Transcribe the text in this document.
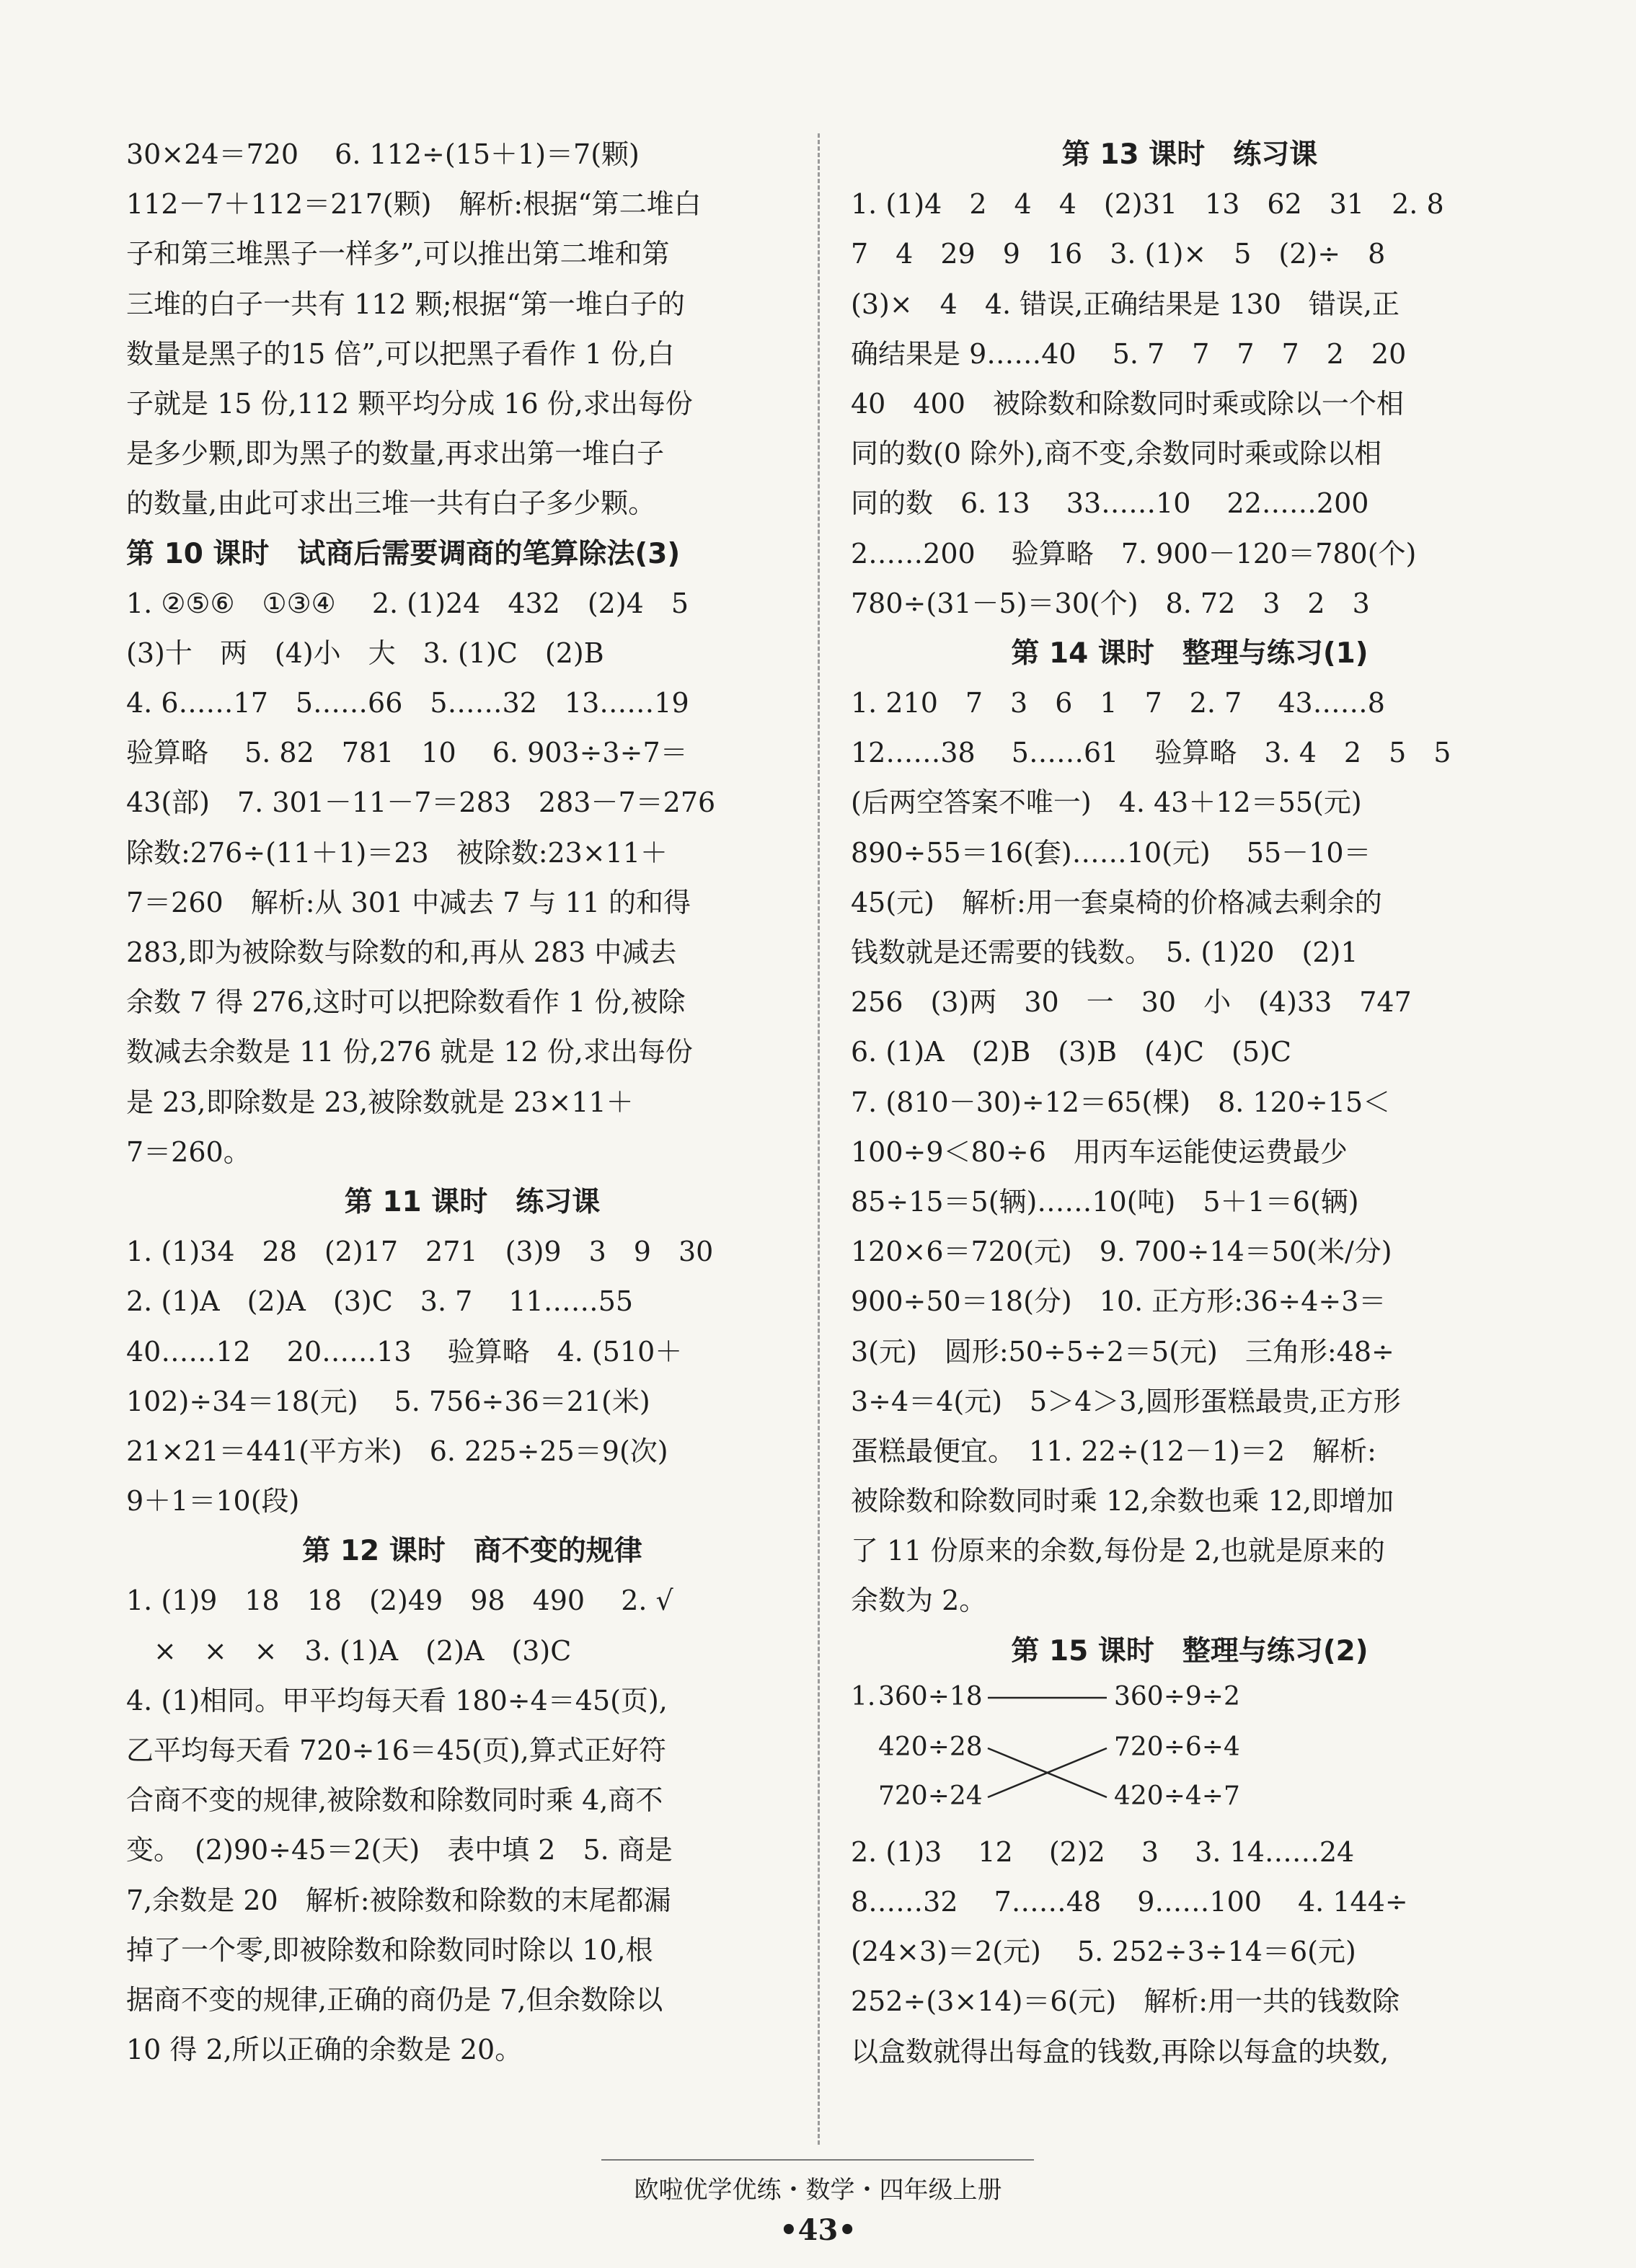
30×24＝720　 6. 112÷(15＋1)＝7(颗)
112－7＋112＝217(颗)　解析:根据“第二堆白
子和第三堆黑子一样多”,可以推出第二堆和第
三堆的白子一共有 112 颗;根据“第一堆白子的
数量是黑子的15 倍”,可以把黑子看作 1 份,白
子就是 15 份,112 颗平均分成 16 份,求出每份
是多少颗,即为黑子的数量,再求出第一堆白子
的数量,由此可求出三堆一共有白子多少颗。
第 10 课时　试商后需要调商的笔算除法(3)
1. ②⑤⑥　①③④　 2. (1)24　432　(2)4　5
(3)十　两　(4)小　大　3. (1)C　(2)B
4. 6……17　5……66　5……32　13……19
验算略　 5. 82　781　10　 6. 903÷3÷7＝
43(部)　7. 301－11－7＝283　283－7＝276
除数:276÷(11＋1)＝23　被除数:23×11＋
7＝260　解析:从 301 中减去 7 与 11 的和得
283,即为被除数与除数的和,再从 283 中减去
余数 7 得 276,这时可以把除数看作 1 份,被除
数减去余数是 11 份,276 就是 12 份,求出每份
是 23,即除数是 23,被除数就是 23×11＋
7＝260。
第 11 课时　练习课
1. (1)34　28　(2)17　271　(3)9　3　9　30
2. (1)A　(2)A　(3)C　3. 7　 11……55
40……12　 20……13　 验算略　4. (510＋
102)÷34＝18(元)　 5. 756÷36＝21(米)
21×21＝441(平方米)　6. 225÷25＝9(次)
9＋1＝10(段)
第 12 课时　商不变的规律
1. (1)9　18　18　(2)49　98　490　 2. √
　×　×　×　3. (1)A　(2)A　(3)C
4. (1)相同。甲平均每天看 180÷4＝45(页),
乙平均每天看 720÷16＝45(页),算式正好符
合商不变的规律,被除数和除数同时乘 4,商不
变。　(2)90÷45＝2(天)　表中填 2　5. 商是
7,余数是 20　解析:被除数和除数的末尾都漏
掉了一个零,即被除数和除数同时除以 10,根
据商不变的规律,正确的商仍是 7,但余数除以
10 得 2,所以正确的余数是 20。
第 13 课时　练习课
1. (1)4　2　4　4　(2)31　13　62　31　2. 8
7　4　29　9　16　3. (1)×　5　(2)÷　8
(3)×　4　4. 错误,正确结果是 130　错误,正
确结果是 9……40　 5. 7　7　7　7　2　20
40　400　被除数和除数同时乘或除以一个相
同的数(0 除外),商不变,余数同时乘或除以相
同的数　6. 13　 33……10　 22……200
2……200　 验算略　7. 900－120＝780(个)
780÷(31－5)＝30(个)　8. 72　3　2　3
第 14 课时　整理与练习(1)
1. 210　7　3　6　1　7　2. 7　 43……8
12……38　 5……61　 验算略　3. 4　2　5　5
(后两空答案不唯一)　4. 43＋12＝55(元)
890÷55＝16(套)……10(元)　 55－10＝
45(元)　解析:用一套桌椅的价格减去剩余的
钱数就是还需要的钱数。　5. (1)20　(2)1
256　(3)两　30　一　30　小　(4)33　747
6. (1)A　(2)B　(3)B　(4)C　(5)C
7. (810－30)÷12＝65(棵)　8. 120÷15＜
100÷9＜80÷6　用丙车运能使运费最少
85÷15＝5(辆)……10(吨)　5＋1＝6(辆)
120×6＝720(元)　9. 700÷14＝50(米/分)
900÷50＝18(分)　10. 正方形:36÷4÷3＝
3(元)　圆形:50÷5÷2＝5(元)　三角形:48÷
3÷4＝4(元)　5＞4＞3,圆形蛋糕最贵,正方形
蛋糕最便宜。　11. 22÷(12－1)＝2　解析:
被除数和除数同时乘 12,余数也乘 12,即增加
了 11 份原来的余数,每份是 2,也就是原来的
余数为 2。
第 15 课时　整理与练习(2)
1. 360÷18
420÷28
720÷24
360÷9÷2
720÷6÷4
420÷4÷7
2. (1)3　 12　 (2)2　 3　 3. 14……24
8……32　 7……48　 9……100　 4. 144÷
(24×3)＝2(元)　 5. 252÷3÷14＝6(元)
252÷(3×14)＝6(元)　解析:用一共的钱数除
以盒数就得出每盒的钱数,再除以每盒的块数,
欧啦优学优练・数学・四年级上册
•43•
